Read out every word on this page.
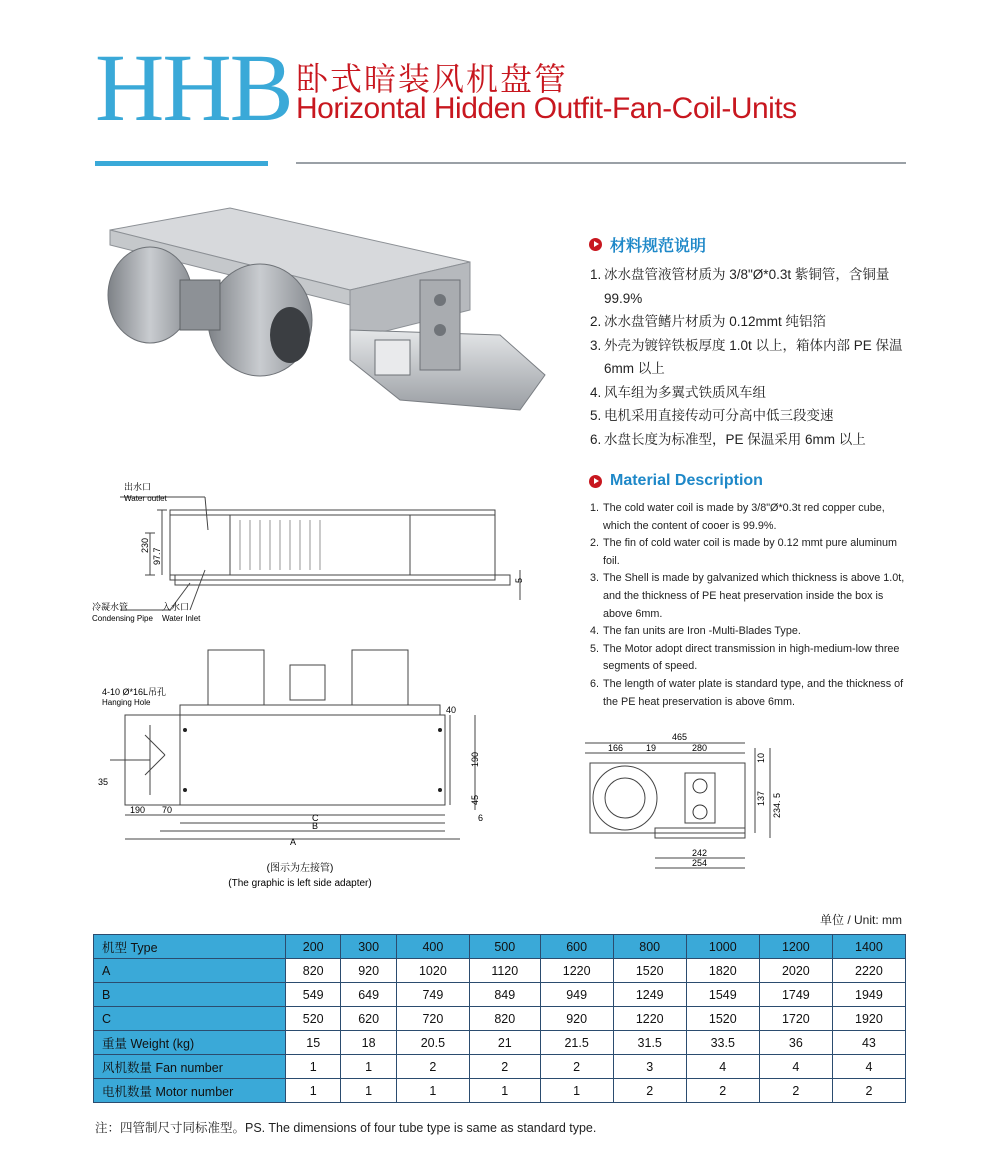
HHB 卧式暗装风机盘管
Horizontal Hidden Outfit-Fan-Coil-Units
出水口
Water outlet
冷凝水管
Condensing Pipe
入水口
Water Inlet
230
97.7
5
4-10 Ø*16L吊孔
Hanging Hole
40
190
45
35
190 70
C
B
A
6
(图示为左接管)
(The graphic is left side adapter)
465
166	19	280
10
137 234. 5
242
254
材料规范说明
1. 冰水盘管液管材质为 3/8"Ø*0.3t 紫铜管，含铜量 99.9%
2. 冰水盘管鳍片材质为 0.12mmt 纯铝箔
3. 外壳为镀锌铁板厚度 1.0t 以上，箱体内部 PE 保温 6mm 以上
4. 风车组为多翼式铁质风车组
5. 电机采用直接传动可分高中低三段变速
6. 水盘长度为标准型，PE 保温采用 6mm 以上
Material Description
1. The cold water coil is made by 3/8"Ø*0.3t red copper cube, which the content of cooer is 99.9%.
2. The fin of cold water coil is made by 0.12 mmt pure aluminum foil.
3. The Shell is made by galvanized which thickness is above 1.0t, and the thickness of PE heat preservation inside the box is above 6mm.
4. The fan units are Iron -Multi-Blades Type.
5. The Motor adopt direct transmission in high-medium-low three segments of speed.
6. The length of water plate is standard type, and the thickness of the PE heat preservation is above 6mm.
单位 / Unit: mm
机型 Type	200	300	400	500	600	800	1000	1200	1400
A	820	920	1020	1120	1220	1520	1820	2020	2220
B	549	649	749	849	949	1249	1549	1749	1949
C	520	620	720	820	920	1220	1520	1720	1920
重量 Weight (kg)	15	18	20.5	21	21.5	31.5	33.5	36	43
风机数量 Fan number	1	1	2	2	2	3	4	4	4
电机数量 Motor number	1	1	1	1	1	2	2	2	2
注：四管制尺寸同标准型。PS. The dimensions of four tube type is same as standard type.
